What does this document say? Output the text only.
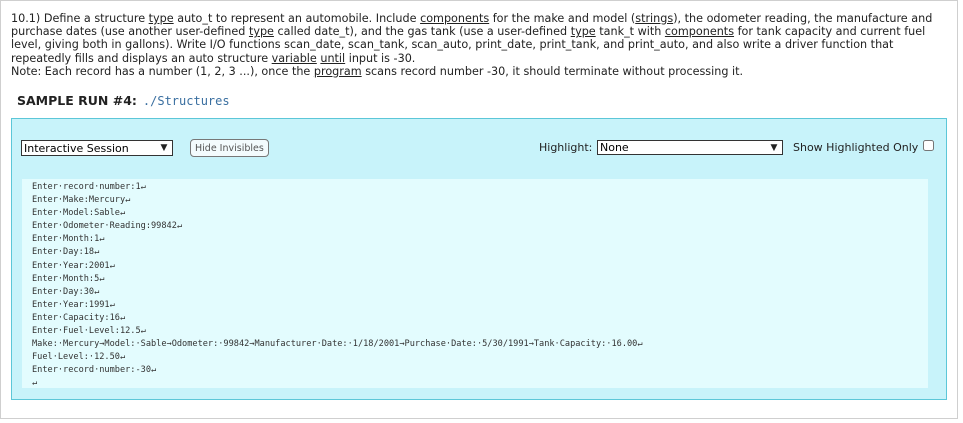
10.1) Define a structure type auto_t to represent an automobile. Include components for the make and model (strings), the odometer reading, the manufacture and purchase dates (use another user-defined type called date_t), and the gas tank (use a user-defined type tank_t with components for tank capacity and current fuel level, giving both in gallons). Write I/O functions scan_date, scan_tank, scan_auto, print_date, print_tank, and print_auto, and also write a driver function that repeatedly fills and displays an auto structure variable until input is -30.

Note: Each record has a number (1, 2, 3 ...), once the program scans record number -30, it should terminate without processing it.

SAMPLE RUN #4: ./Structures
Interactive Session
▼	Hide Invisibles	Highlight:
None	▼	Show Highlighted Only
Enter·record·number:1↵
Enter·Make:Mercury↵
Enter·Model:Sable↵
Enter·Odometer·Reading:99842↵
Enter·Month:1↵
Enter·Day:18↵
Enter·Year:2001↵
Enter·Month:5↵
Enter·Day:30↵
Enter·Year:1991↵
Enter·Capacity:16↵
Enter·Fuel·Level:12.5↵
Make:·Mercury→Model:·Sable→Odometer:·99842→Manufacturer·Date:·1/18/2001→Purchase·Date:·5/30/1991→Tank·Capacity:·16.00↵
Fuel·Level:·12.50↵
Enter·record·number:-30↵
↵
